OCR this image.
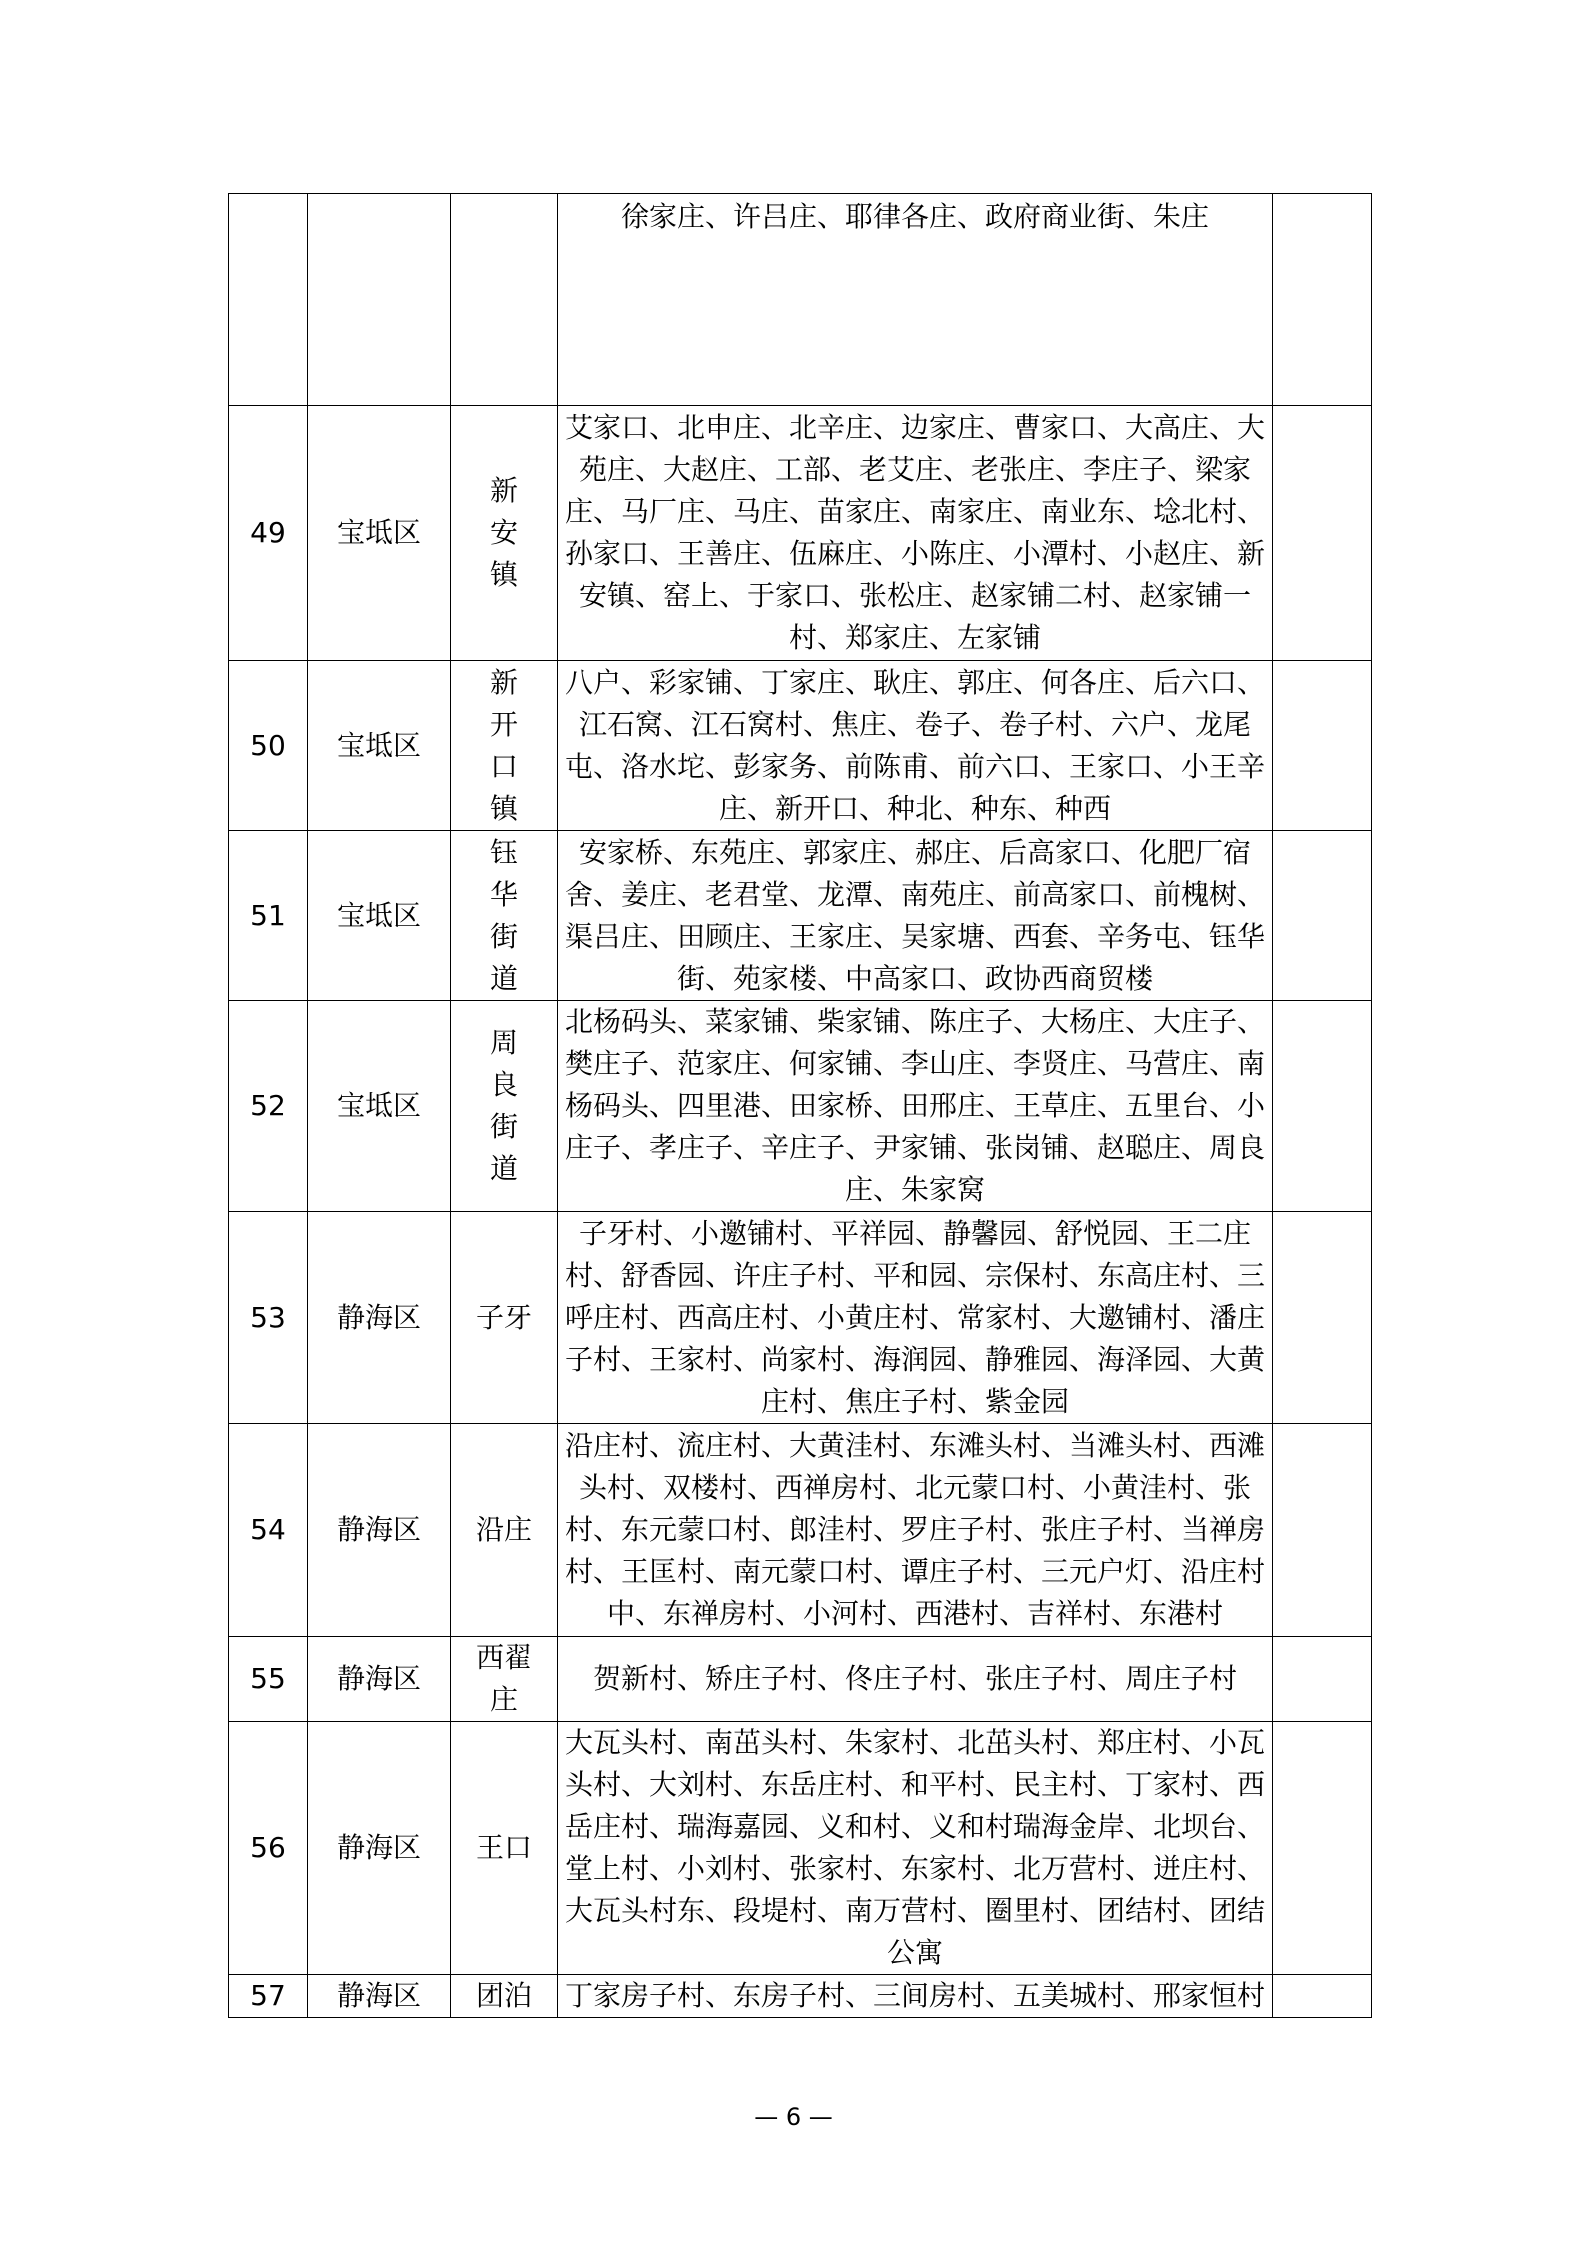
			徐家庄、许吕庄、耶律各庄、政府商业街、朱庄	
49	宝坻区	新安镇	艾家口、北申庄、北辛庄、边家庄、曹家口、大高庄、大苑庄、大赵庄、工部、老艾庄、老张庄、李庄子、梁家庄、马厂庄、马庄、苗家庄、南家庄、南业东、埝北村、孙家口、王善庄、伍麻庄、小陈庄、小潭村、小赵庄、新安镇、窑上、于家口、张松庄、赵家铺二村、赵家铺一村、郑家庄、左家铺	
50	宝坻区	新开口镇	八户、彩家铺、丁家庄、耿庄、郭庄、何各庄、后六口、江石窝、江石窝村、焦庄、卷子、卷子村、六户、龙尾屯、洛水坨、彭家务、前陈甫、前六口、王家口、小王辛庄、新开口、种北、种东、种西	
51	宝坻区	钰华街道	安家桥、东苑庄、郭家庄、郝庄、后高家口、化肥厂宿舍、姜庄、老君堂、龙潭、南苑庄、前高家口、前槐树、渠吕庄、田顾庄、王家庄、吴家塘、西套、辛务屯、钰华街、苑家楼、中高家口、政协西商贸楼	
52	宝坻区	周良街道	北杨码头、菜家铺、柴家铺、陈庄子、大杨庄、大庄子、樊庄子、范家庄、何家铺、李山庄、李贤庄、马营庄、南杨码头、四里港、田家桥、田邢庄、王草庄、五里台、小庄子、孝庄子、辛庄子、尹家铺、张岗铺、赵聪庄、周良庄、朱家窝	
53	静海区	子牙	子牙村、小邀铺村、平祥园、静馨园、舒悦园、王二庄村、舒香园、许庄子村、平和园、宗保村、东高庄村、三呼庄村、西高庄村、小黄庄村、常家村、大邀铺村、潘庄子村、王家村、尚家村、海润园、静雅园、海泽园、大黄庄村、焦庄子村、紫金园	
54	静海区	沿庄	沿庄村、流庄村、大黄洼村、东滩头村、当滩头村、西滩头村、双楼村、西禅房村、北元蒙口村、小黄洼村、张村、东元蒙口村、郎洼村、罗庄子村、张庄子村、当禅房村、王匡村、南元蒙口村、谭庄子村、三元户灯、沿庄村中、东禅房村、小河村、西港村、吉祥村、东港村	
55	静海区	西翟庄	贺新村、矫庄子村、佟庄子村、张庄子村、周庄子村	
56	静海区	王口	大瓦头村、南茁头村、朱家村、北茁头村、郑庄村、小瓦头村、大刘村、东岳庄村、和平村、民主村、丁家村、西岳庄村、瑞海嘉园、义和村、义和村瑞海金岸、北坝台、堂上村、小刘村、张家村、东家村、北万营村、迸庄村、大瓦头村东、段堤村、南万营村、圈里村、团结村、团结公寓	
57	静海区	团泊	丁家房子村、东房子村、三间房村、五美城村、邢家恒村	
— 6 —
